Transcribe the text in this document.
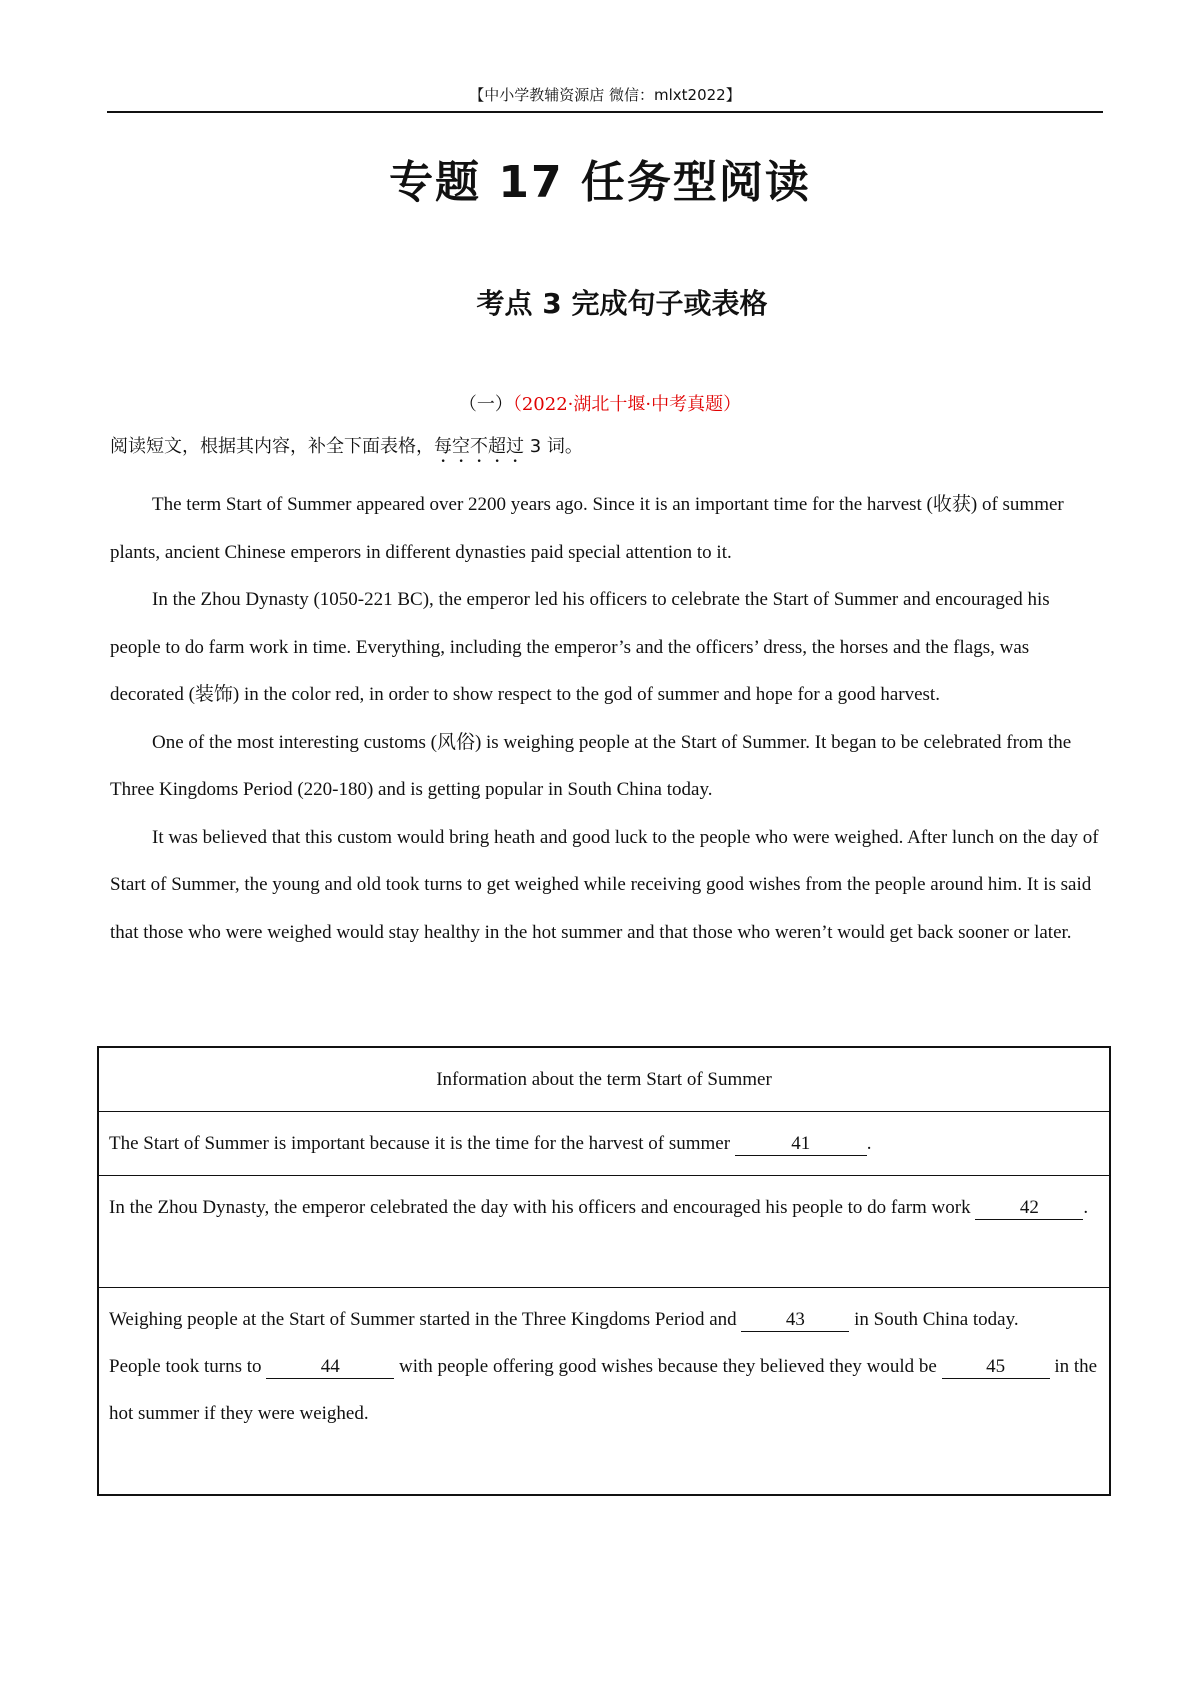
【中小学教辅资源店 微信：mlxt2022】
专题 17 任务型阅读
考点 3 完成句子或表格
（一）（2022·湖北十堰·中考真题）
阅读短文，根据其内容，补全下面表格，每空不超过 3 词。

The term Start of Summer appeared over 2200 years ago. Since it is an important time for the harvest (收获) of summer plants, ancient Chinese emperors in different dynasties paid special attention to it.

In the Zhou Dynasty (1050-221 BC), the emperor led his officers to celebrate the Start of Summer and encouraged his people to do farm work in time. Everything, including the emperor’s and the officers’ dress, the horses and the flags, was decorated (装饰) in the color red, in order to show respect to the god of summer and hope for a good harvest.

One of the most interesting customs (风俗) is weighing people at the Start of Summer. It began to be celebrated from the Three Kingdoms Period (220-180) and is getting popular in South China today.

It was believed that this custom would bring heath and good luck to the people who were weighed. After lunch on the day of Start of Summer, the young and old took turns to get weighed while receiving good wishes from the people around him. It is said that those who were weighed would stay healthy in the hot summer and that those who weren’t would get back sooner or later.

Information about the term Start of Summer
The Start of Summer is important because it is the time for the harvest of summer	41	.
In the Zhou Dynasty, the emperor celebrated the day with his officers and encouraged his people to do farm work 42 .
Weighing people at the Start of Summer started in the Three Kingdoms Period and 43 in South China today.
People took turns to	44	with people offering good wishes because they believed they would be 45 in the hot summer if they were weighed.
